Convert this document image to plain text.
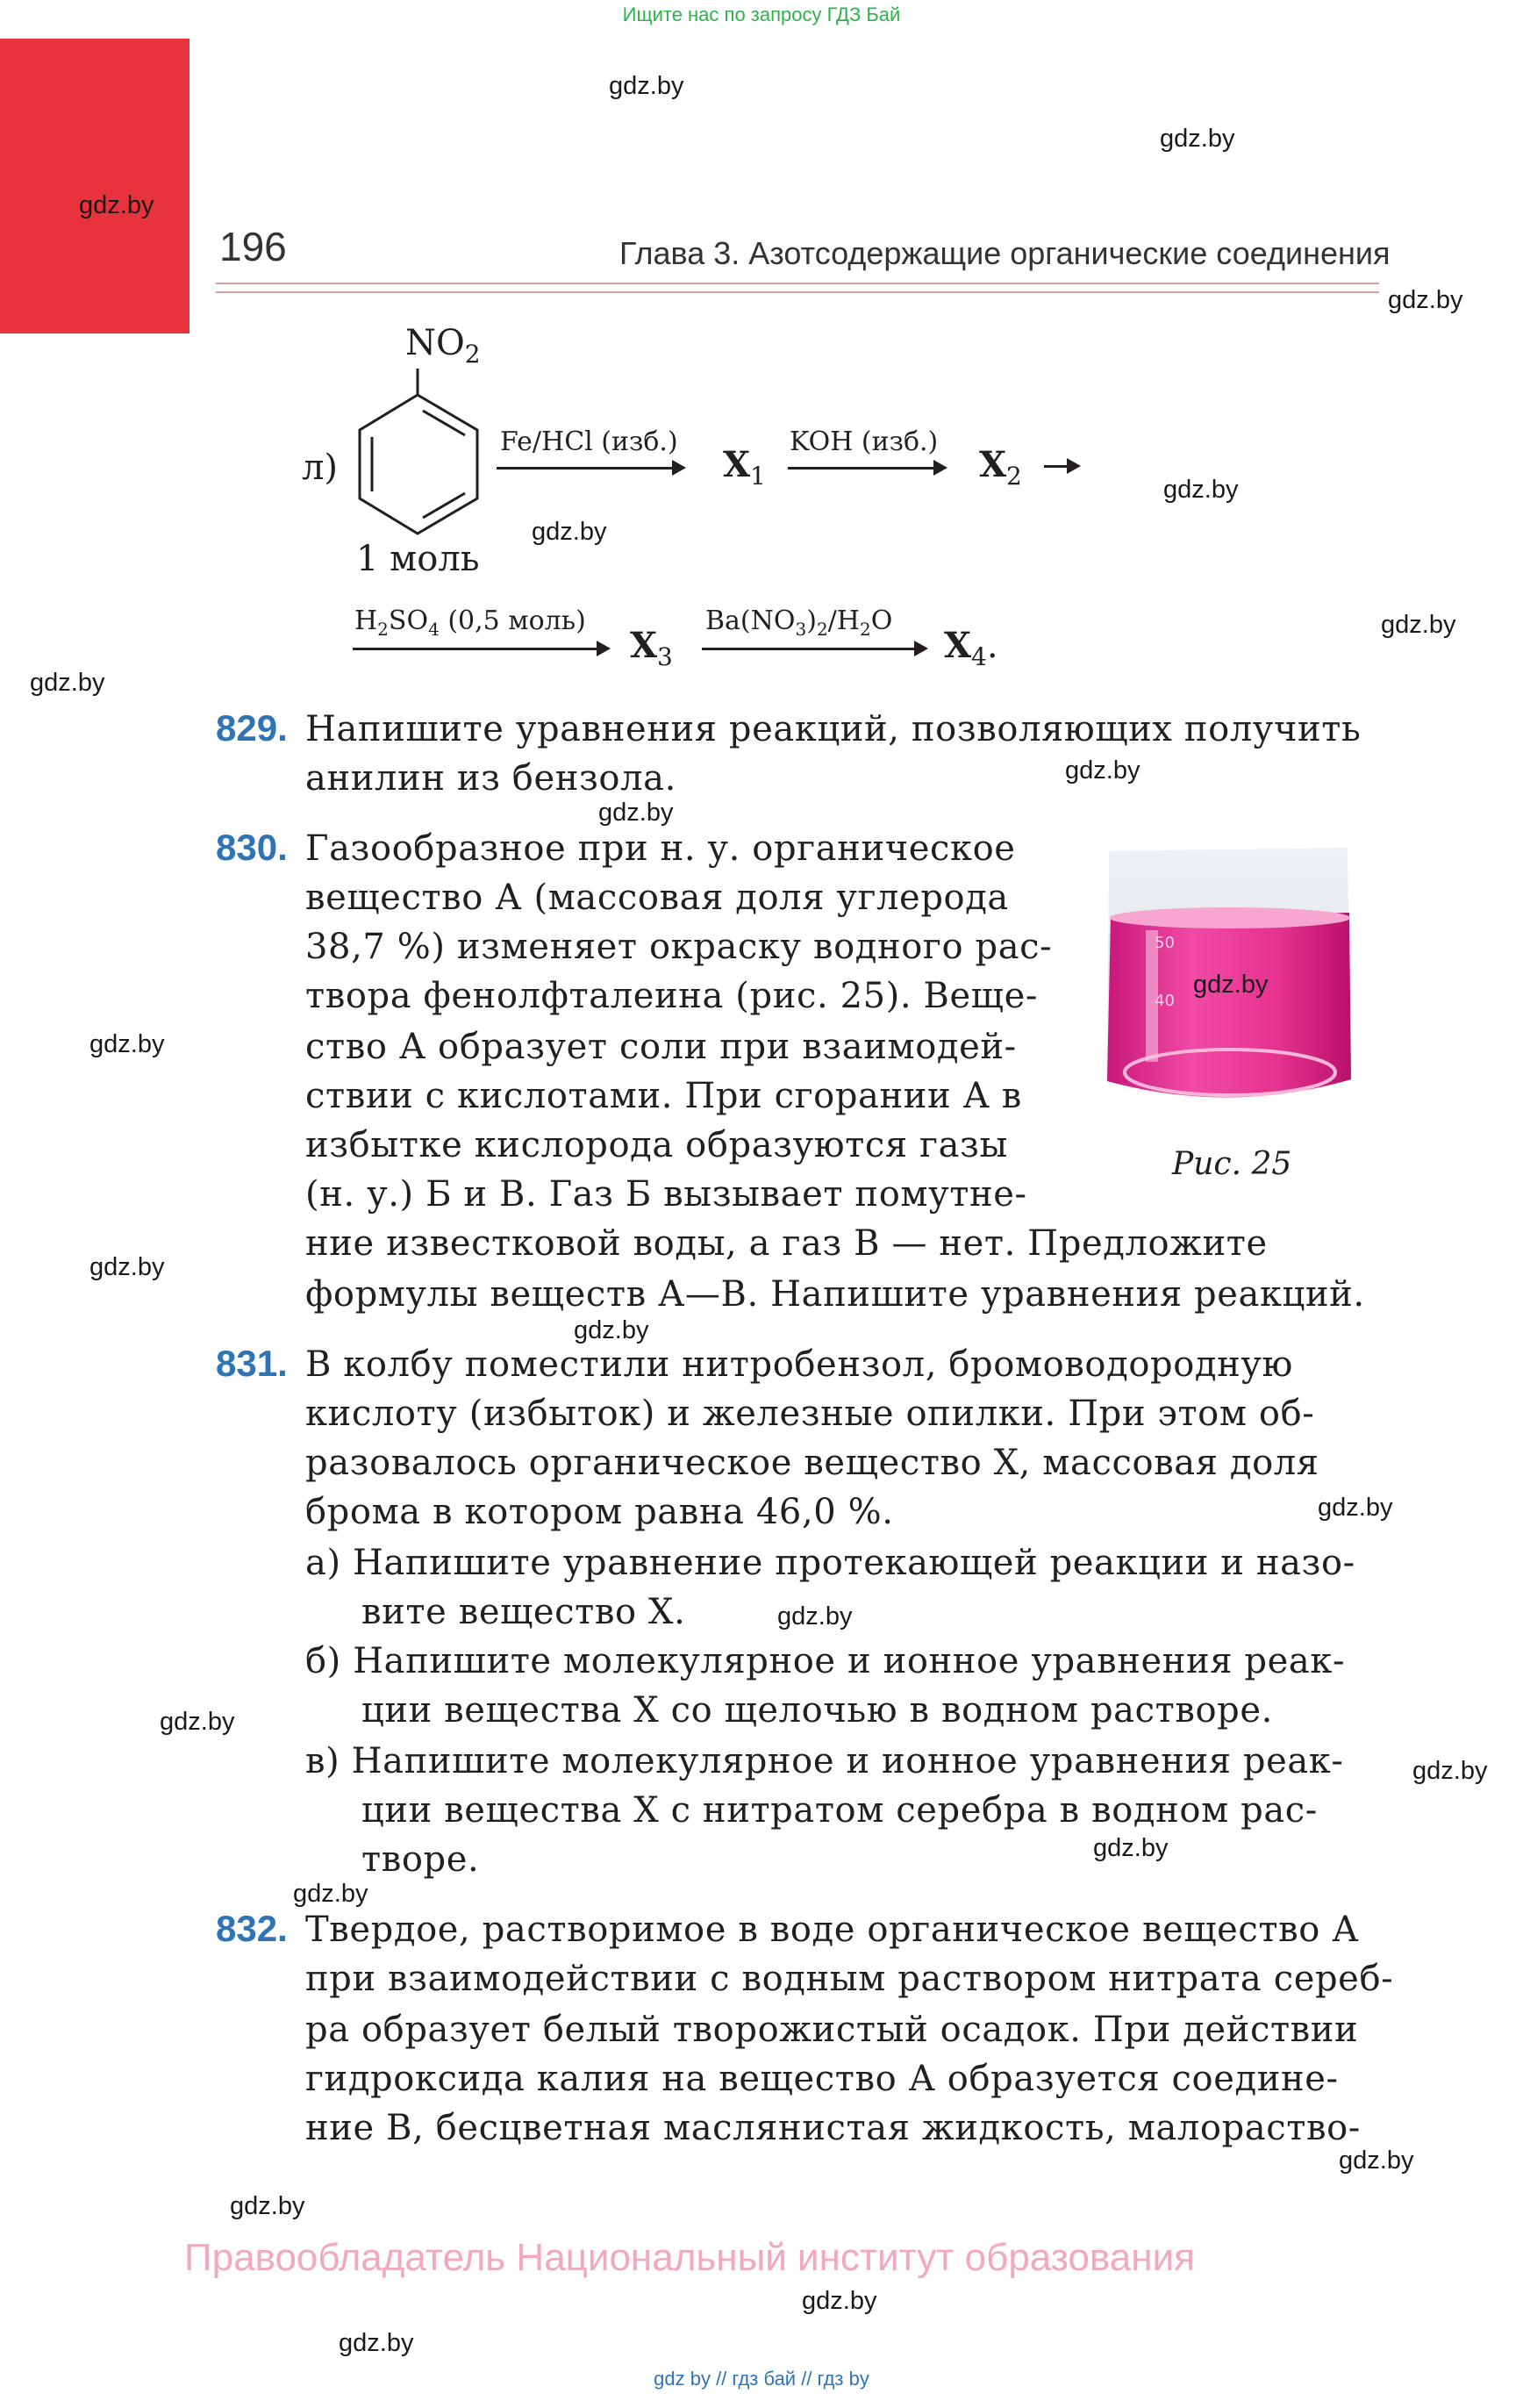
Ищите нас по запросу ГДЗ Бай
196	Глава 3. Азотсодержащие органические соединения
л)
$NO_2$
1 моль
Fe/HCl (изб.)
$X_1$
KOH (изб.)
$X_2$
$H_2SO_4$ (0,5 моль)
$X_3$
$Ba(NO_3)_2/H_2O$
$X_4$.
829. Напишите уравнения реакций, позволяющих получить
анилин из бензола.
830. Газообразное при н. у. органическое
вещество А (массовая доля углерода
38,7 %) изменяет окраску водного рас-
твора фенолфталеина (рис. 25). Веще-
ство А образует соли при взаимодей-
ствии с кислотами. При сгорании А в
избытке кислорода образуются газы
(н. у.) Б и В. Газ Б вызывает помутне-
ние известковой воды, а газ В — нет. Предложите
формулы веществ А—В. Напишите уравнения реакций.
50
40
Рис. 25
831. В колбу поместили нитробензол, бромоводородную
кислоту (избыток) и железные опилки. При этом об-
разовалось органическое вещество X, массовая доля
брома в котором равна 46,0 %.
а) Напишите уравнение протекающей реакции и назо-
вите вещество X.
б) Напишите молекулярное и ионное уравнения реак-
ции вещества X со щелочью в водном растворе.
в) Напишите молекулярное и ионное уравнения реак-
ции вещества X с нитратом серебра в водном рас-
творе.
832. Твердое, растворимое в воде органическое вещество А
при взаимодействии с водным раствором нитрата сереб-
ра образует белый творожистый осадок. При действии
гидроксида калия на вещество А образуется соедине-
ние В, бесцветная маслянистая жидкость, малораство-
Правообладатель Национальный институт образования
gdz by // гдз бай // гдз by
gdz.by
gdz.by
gdz.by
gdz.by
gdz.by
gdz.by
gdz.by
gdz.by
gdz.by
gdz.by
gdz.by
gdz.by
gdz.by
gdz.by
gdz.by
gdz.by
gdz.by
gdz.by
gdz.by
gdz.by
gdz.by
gdz.by
gdz.by
gdz.by
